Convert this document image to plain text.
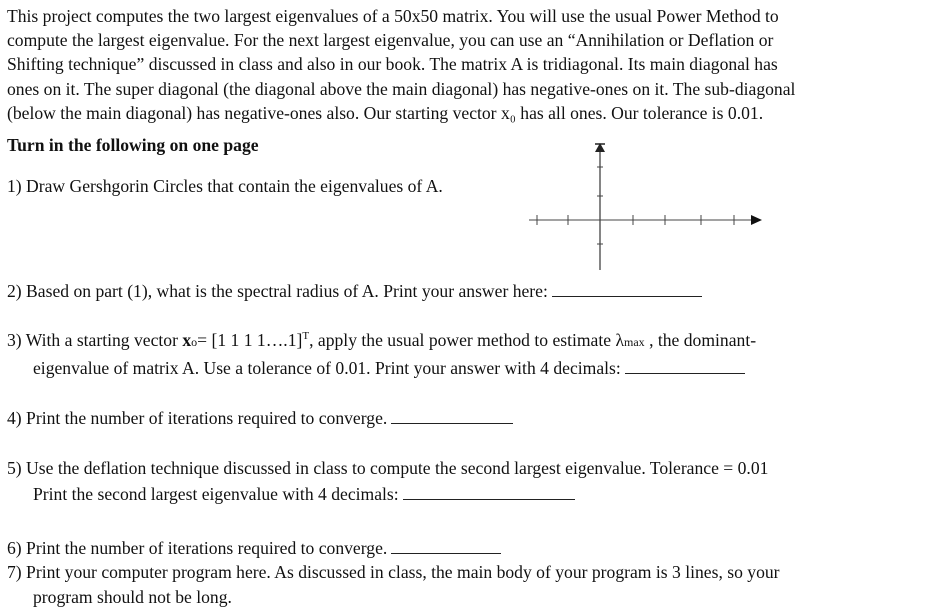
This project computes the two largest eigenvalues of a 50x50 matrix. You will use the usual Power Method to
compute the largest eigenvalue. For the next largest eigenvalue, you can use an “Annihilation or Deflation or
Shifting technique” discussed in class and also in our book. The matrix A is tridiagonal. Its main diagonal has
ones on it. The super diagonal (the diagonal above the main diagonal) has negative-ones on it. The sub-diagonal
(below the main diagonal) has negative-ones also. Our starting vector x₀ has all ones. Our tolerance is 0.01.
Turn in the following on one page
1) Draw Gershgorin Circles that contain the eigenvalues of A.
2) Based on part (1), what is the spectral radius of A. Print your answer here:
3) With a starting vector xo= [1 1 1 1….1]$^T$, apply the usual power method to estimate λmax , the dominant-
eigenvalue of matrix A. Use a tolerance of 0.01. Print your answer with 4 decimals:
4) Print the number of iterations required to converge.
5) Use the deflation technique discussed in class to compute the second largest eigenvalue. Tolerance = 0.01
Print the second largest eigenvalue with 4 decimals:
6) Print the number of iterations required to converge.
7) Print your computer program here. As discussed in class, the main body of your program is 3 lines, so your
program should not be long.
